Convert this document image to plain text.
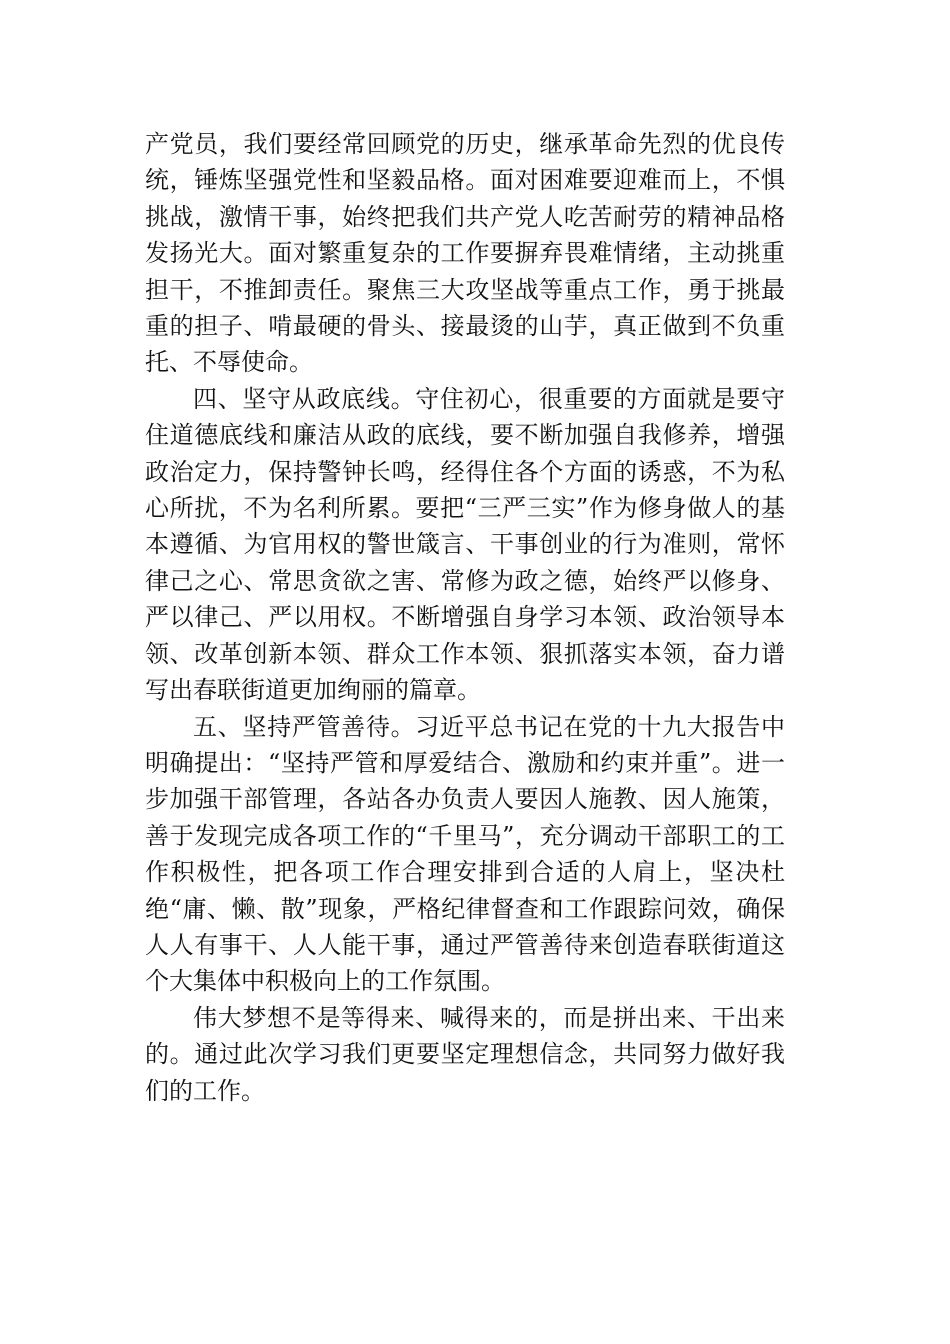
产党员，我们要经常回顾党的历史，继承革命先烈的优良传统，锤炼坚强党性和坚毅品格。面对困难要迎难而上，不惧挑战，激情干事，始终把我们共产党人吃苦耐劳的精神品格发扬光大。面对繁重复杂的工作要摒弃畏难情绪，主动挑重担干，不推卸责任。聚焦三大攻坚战等重点工作，勇于挑最重的担子、啃最硬的骨头、接最烫的山芋，真正做到不负重托、不辱使命。

四、坚守从政底线。守住初心，很重要的方面就是要守住道德底线和廉洁从政的底线，要不断加强自我修养，增强政治定力，保持警钟长鸣，经得住各个方面的诱惑，不为私心所扰，不为名利所累。要把“三严三实”作为修身做人的基本遵循、为官用权的警世箴言、干事创业的行为准则，常怀律己之心、常思贪欲之害、常修为政之德，始终严以修身、严以律己、严以用权。不断增强自身学习本领、政治领导本领、改革创新本领、群众工作本领、狠抓落实本领，奋力谱写出春联街道更加绚丽的篇章。

五、坚持严管善待。习近平总书记在党的十九大报告中明确提出：“坚持严管和厚爱结合、激励和约束并重”。进一步加强干部管理，各站各办负责人要因人施教、因人施策，善于发现完成各项工作的“千里马”，充分调动干部职工的工作积极性，把各项工作合理安排到合适的人肩上，坚决杜绝“庸、懒、散”现象，严格纪律督查和工作跟踪问效，确保人人有事干、人人能干事，通过严管善待来创造春联街道这个大集体中积极向上的工作氛围。

伟大梦想不是等得来、喊得来的，而是拼出来、干出来的。通过此次学习我们更要坚定理想信念，共同努力做好我们的工作。
